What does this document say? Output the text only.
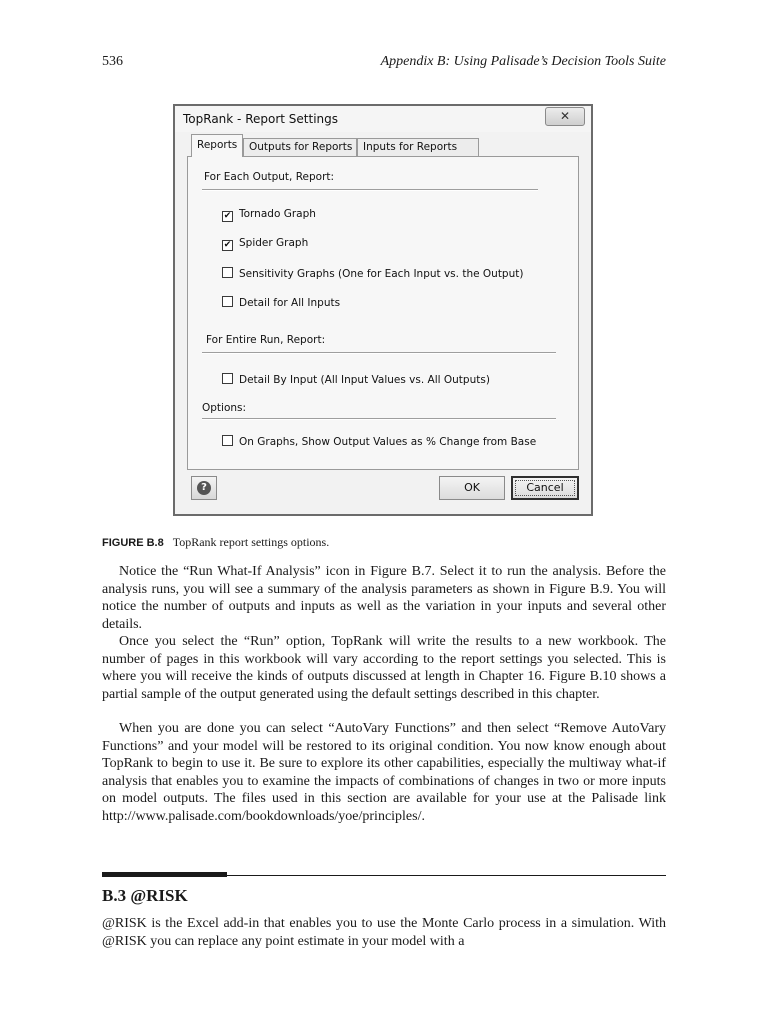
536	Appendix B: Using Palisade’s Decision Tools Suite
TopRank - Report Settings	✕
Reports	Outputs for Reports	Inputs for Reports
For Each Output, Report:
✔ Tornado Graph
✔ Spider Graph
Sensitivity Graphs (One for Each Input vs. the Output)
Detail for All Inputs
For Entire Run, Report:
Detail By Input (All Input Values vs. All Outputs)
Options:
On Graphs, Show Output Values as % Change from Base
?	OK	Cancel
FIGURE B.8 TopRank report settings options.

Notice the “Run What-If Analysis” icon in Figure B.7. Select it to run the analysis. Before the analysis runs, you will see a summary of the analysis parameters as shown in Figure B.9. You will notice the number of outputs and inputs as well as the variation in your inputs and several other details.

Once you select the “Run” option, TopRank will write the results to a new workbook. The number of pages in this workbook will vary according to the report settings you selected. This is where you will receive the kinds of outputs discussed at length in Chapter 16. Figure B.10 shows a partial sample of the output generated using the default settings described in this chapter.

When you are done you can select “AutoVary Functions” and then select “Remove AutoVary Functions” and your model will be restored to its original condition. You now know enough about TopRank to begin to use it. Be sure to explore its other capabilities, especially the multiway what-if analysis that enables you to examine the impacts of combinations of changes in two or more inputs on model outputs. The files used in this section are available for your use at the Palisade link http://www.palisade.com/bookdownloads/yoe/principles/.

B.3 @RISK

@RISK is the Excel add-in that enables you to use the Monte Carlo process in a simulation. With @RISK you can replace any point estimate in your model with a
